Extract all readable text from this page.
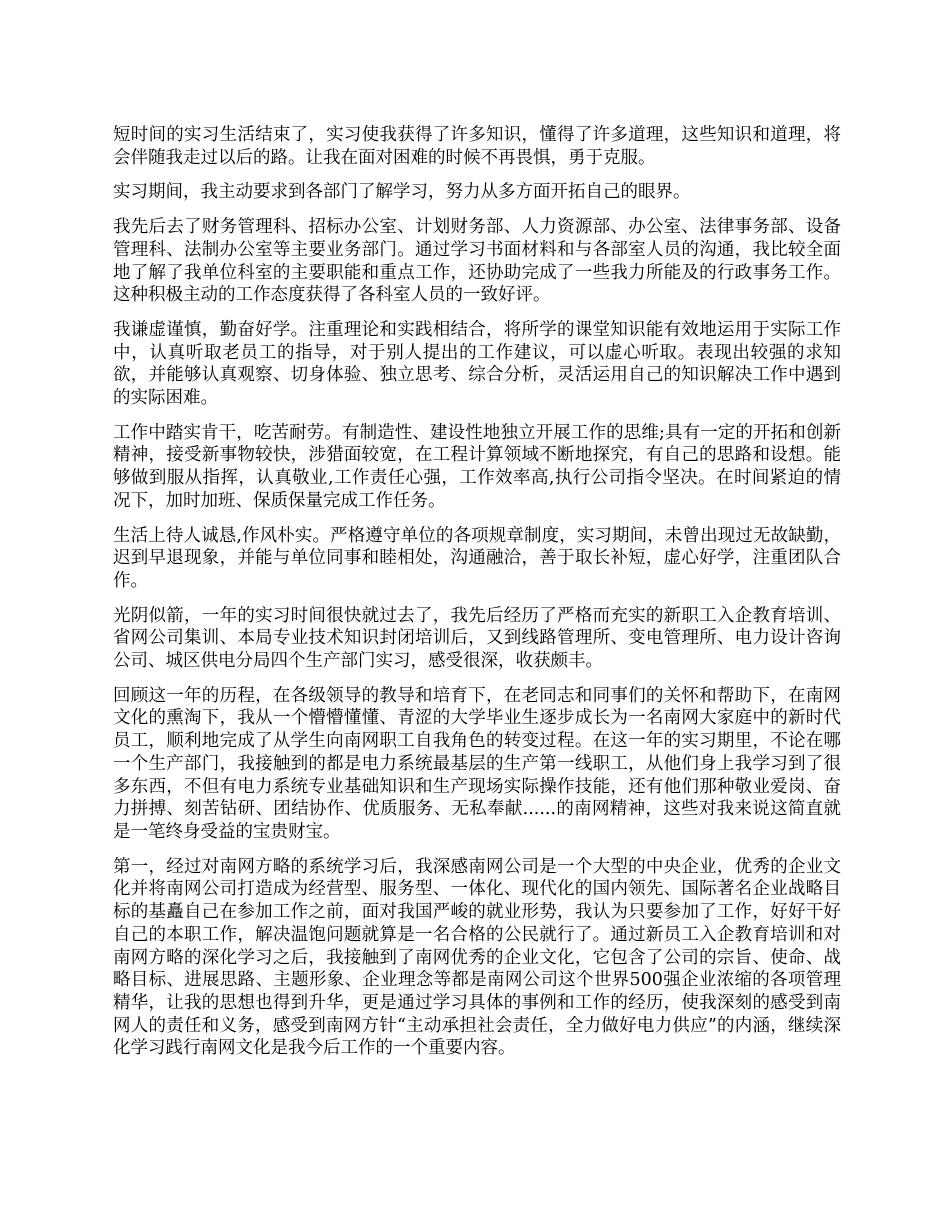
短时间的实习生活结束了，实习使我获得了许多知识，懂得了许多道理，这些知识和道理，将会伴随我走过以后的路。让我在面对困难的时候不再畏惧，勇于克服。

实习期间，我主动要求到各部门了解学习，努力从多方面开拓自己的眼界。

我先后去了财务管理科、招标办公室、计划财务部、人力资源部、办公室、法律事务部、设备管理科、法制办公室等主要业务部门。通过学习书面材料和与各部室人员的沟通，我比较全面地了解了我单位科室的主要职能和重点工作，还协助完成了一些我力所能及的行政事务工作。这种积极主动的工作态度获得了各科室人员的一致好评。

我谦虚谨慎，勤奋好学。注重理论和实践相结合，将所学的课堂知识能有效地运用于实际工作中，认真听取老员工的指导，对于别人提出的工作建议，可以虚心听取。表现出较强的求知欲，并能够认真观察、切身体验、独立思考、综合分析，灵活运用自己的知识解决工作中遇到的实际困难。

工作中踏实肯干，吃苦耐劳。有制造性、建设性地独立开展工作的思维;具有一定的开拓和创新精神，接受新事物较快，涉猎面较宽，在工程计算领域不断地探究，有自己的思路和设想。能够做到服从指挥，认真敬业,工作责任心强，工作效率高,执行公司指令坚决。在时间紧迫的情况下，加时加班、保质保量完成工作任务。

生活上待人诚恳,作风朴实。严格遵守单位的各项规章制度，实习期间，未曾出现过无故缺勤，迟到早退现象，并能与单位同事和睦相处，沟通融洽，善于取长补短，虚心好学，注重团队合作。

光阴似箭，一年的实习时间很快就过去了，我先后经历了严格而充实的新职工入企教育培训、省网公司集训、本局专业技术知识封闭培训后，又到线路管理所、变电管理所、电力设计咨询公司、城区供电分局四个生产部门实习，感受很深，收获颇丰。

回顾这一年的历程，在各级领导的教导和培育下，在老同志和同事们的关怀和帮助下，在南网文化的熏淘下，我从一个懵懵懂懂、青涩的大学毕业生逐步成长为一名南网大家庭中的新时代员工，顺利地完成了从学生向南网职工自我角色的转变过程。在这一年的实习期里，不论在哪一个生产部门，我接触到的都是电力系统最基层的生产第一线职工，从他们身上我学习到了很多东西，不但有电力系统专业基础知识和生产现场实际操作技能，还有他们那种敬业爱岗、奋力拼搏、刻苦钻研、团结协作、优质服务、无私奉献......的南网精神，这些对我来说这简直就是一笔终身受益的宝贵财宝。

第一，经过对南网方略的系统学习后，我深感南网公司是一个大型的中央企业，优秀的企业文化并将南网公司打造成为经营型、服务型、一体化、现代化的国内领先、国际著名企业战略目标的基矗自己在参加工作之前，面对我国严峻的就业形势，我认为只要参加了工作，好好干好自己的本职工作，解决温饱问题就算是一名合格的公民就行了。通过新员工入企教育培训和对南网方略的深化学习之后，我接触到了南网优秀的企业文化，它包含了公司的宗旨、使命、战略目标、进展思路、主题形象、企业理念等都是南网公司这个世界500强企业浓缩的各项管理精华，让我的思想也得到升华，更是通过学习具体的事例和工作的经历，使我深刻的感受到南网人的责任和义务，感受到南网方针“主动承担社会责任，全力做好电力供应”的内涵，继续深化学习践行南网文化是我今后工作的一个重要内容。
